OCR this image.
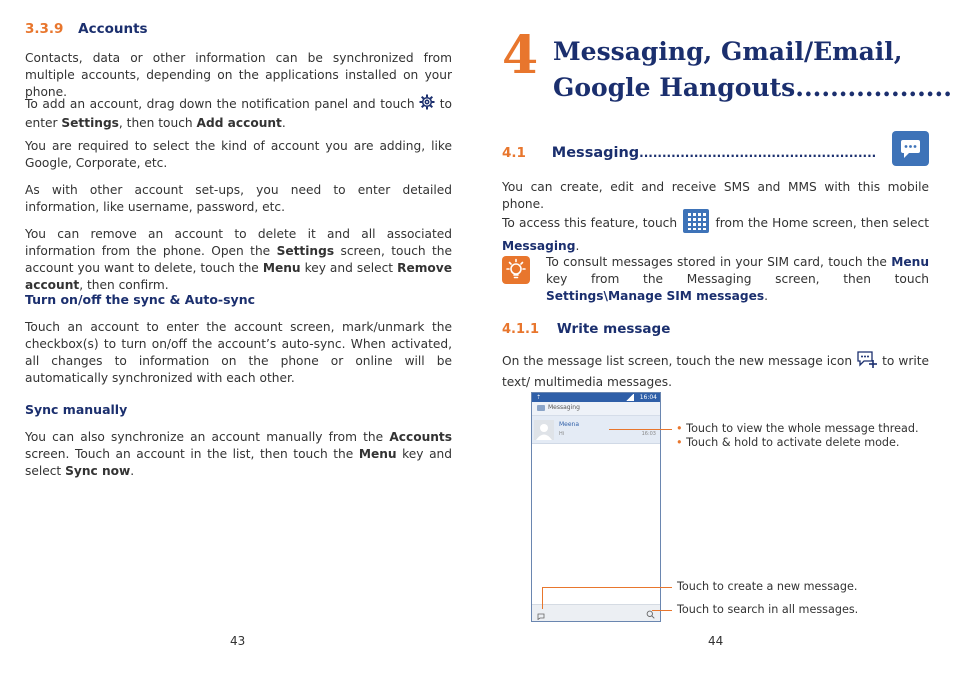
3.3.9 Accounts

Contacts, data or other information can be synchronized from multiple accounts, depending on the applications installed on your phone.

To add an account, drag down the notification panel and touch to enter Settings, then touch Add account.

You are required to select the kind of account you are adding, like Google, Corporate, etc.

As with other account set-ups, you need to enter detailed information, like username, password, etc.

You can remove an account to delete it and all associated information from the phone. Open the Settings screen, touch the account you want to delete, touch the Menu key and select Remove account, then confirm.

Turn on/off the sync & Auto-sync

Touch an account to enter the account screen, mark/unmark the checkbox(s) to turn on/off the account’s auto-sync. When activated, all changes to information on the phone or online will be automatically synchronized with each other.

Sync manually

You can also synchronize an account manually from the Accounts screen. Touch an account in the list, then touch the Menu key and select Sync now.

43
4 Messaging, Gmail/Email,
Google Hangouts..................
4.1 Messaging....................................................

You can create, edit and receive SMS and MMS with this mobile phone.

To access this feature, touch	from the Home screen, then select Messaging.

To consult messages stored in your SIM card, touch the Menu key from the Messaging screen, then touch Settings\Manage SIM messages.

4.1.1 Write message

On the message list screen, touch the new message icon to write text/ multimedia messages.

⇡	16:04
Messaging
Meena
Hi	16:03 • Touch to view the whole message thread.
• Touch & hold to activate delete mode.
Touch to create a new message.
Touch to search in all messages.
44
